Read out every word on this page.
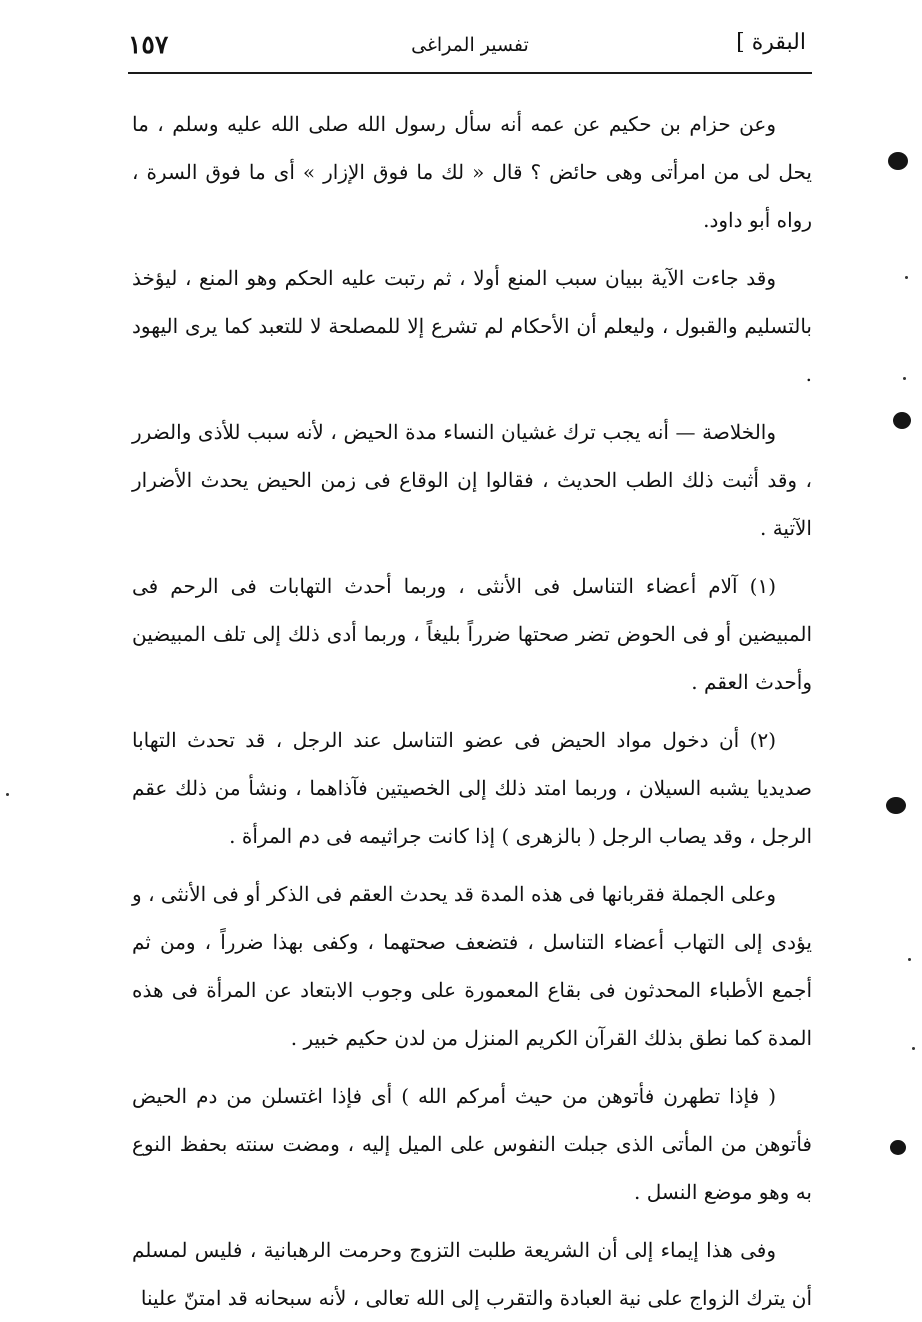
١٥٧	تفسير المراغى	البقرة ]

وعن حزام بن حكيم عن عمه أنه سأل رسول الله صلى الله عليه وسلم ، ما يحل لى من امرأتى وهى حائض ؟ قال « لك ما فوق الإزار » أى ما فوق السرة ، رواه أبو داود.

وقد جاءت الآية ببيان سبب المنع أولا ، ثم رتبت عليه الحكم وهو المنع ، ليؤخذ بالتسليم والقبول ، وليعلم أن الأحكام لم تشرع إلا للمصلحة لا للتعبد كما يرى اليهود .

والخلاصة — أنه يجب ترك غشيان النساء مدة الحيض ، لأنه سبب للأذى والضرر ، وقد أثبت ذلك الطب الحديث ، فقالوا إن الوقاع فى زمن الحيض يحدث الأضرار الآتية .

(١) آلام أعضاء التناسل فى الأنثى ، وربما أحدث التهابات فى الرحم فى المبيضين أو فى الحوض تضر صحتها ضرراً بليغاً ، وربما أدى ذلك إلى تلف المبيضين وأحدث العقم .

(٢) أن دخول مواد الحيض فى عضو التناسل عند الرجل ، قد تحدث التهابا صديديا يشبه السيلان ، وربما امتد ذلك إلى الخصيتين فآذاهما ، ونشأ من ذلك عقم الرجل ، وقد يصاب الرجل ( بالزهرى ) إذا كانت جراثيمه فى دم المرأة .

وعلى الجملة فقربانها فى هذه المدة قد يحدث العقم فى الذكر أو فى الأنثى ، و يؤدى إلى التهاب أعضاء التناسل ، فتضعف صحتهما ، وكفى بهذا ضرراً ، ومن ثم أجمع الأطباء المحدثون فى بقاع المعمورة على وجوب الابتعاد عن المرأة فى هذه المدة كما نطق بذلك القرآن الكريم المنزل من لدن حكيم خبير .

( فإذا تطهرن فأتوهن من حيث أمركم الله ) أى فإذا اغتسلن من دم الحيض فأتوهن من المأتى الذى جبلت النفوس على الميل إليه ، ومضت سنته بحفظ النوع به وهو موضع النسل .

وفى هذا إيماء إلى أن الشريعة طلبت التزوج وحرمت الرهبانية ، فليس لمسلم أن يترك الزواج على نية العبادة والتقرب إلى الله تعالى ، لأنه سبحانه قد امتنّ علينا
